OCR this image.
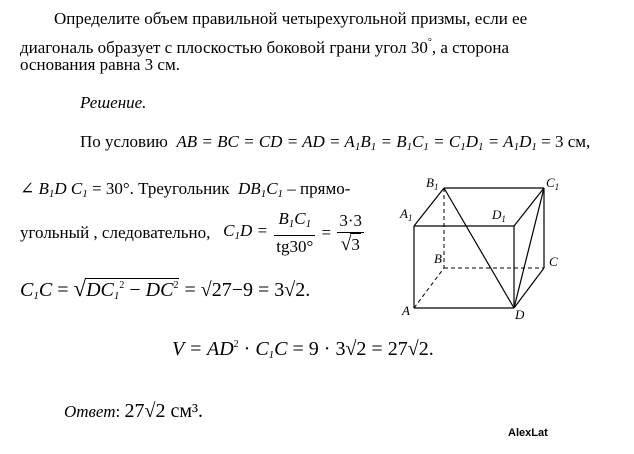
Определите объем правильной четырехугольной призмы, если ее
диагональ образует с плоскостью боковой грани угол 30°, а сторона
основания равна 3 см.
Решение.
По условию  AB = BC = CD = AD = $A_1B_1 = B_1C_1 = C_1D_1 = A_1D_1 = 3$ см,
∠ $B_1D$ $C_1 = 30^\circ$. Треугольник  $DB_1C_1$ – прямо-
угольный , следовательно,   $C_1D = \frac{B_1C_1}{tg30^\circ} = \frac{3\cdot 3}{√3}$
$C_1C = √DC_1^2 - DC^2 = √27-9 = 3√2$.
$V = AD^2 \cdot C_1C = 9 \cdot 3√2 = 27√2$.
Ответ: 27√2 см³.
AlexLat
$B_1$	$C_1$
$A_1$	$D_1$
B	C
A	D
